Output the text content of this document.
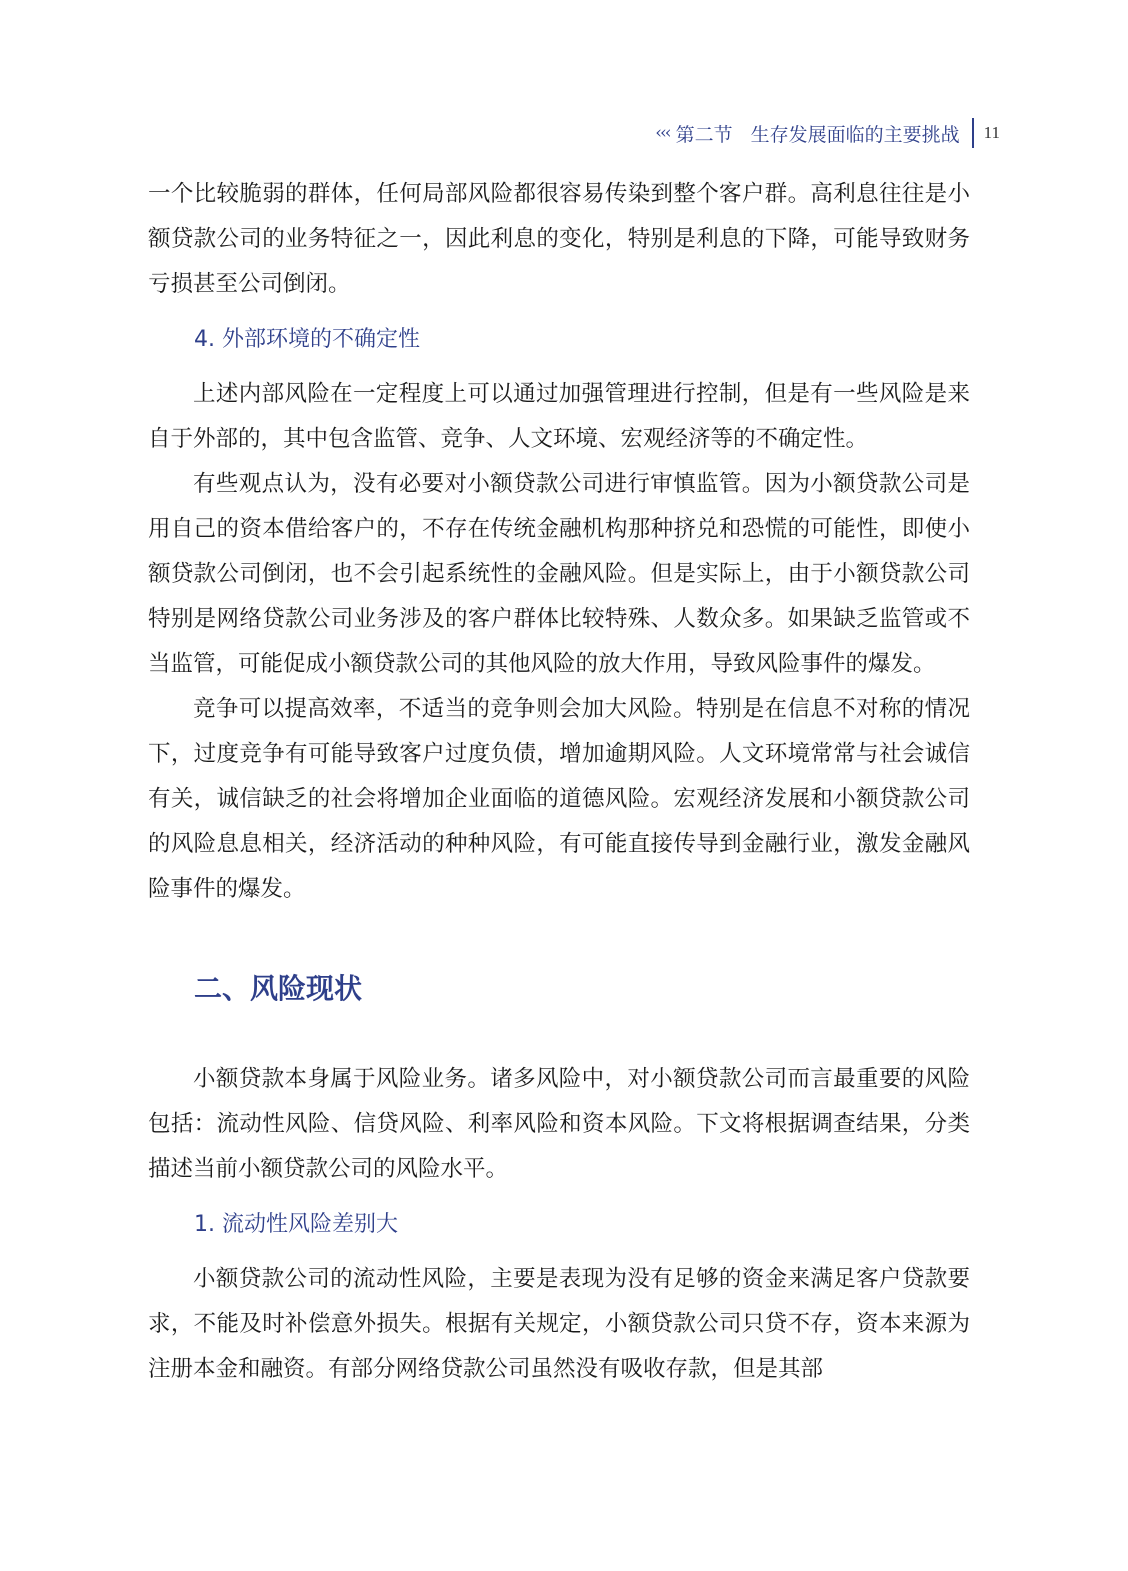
‹‹‹ 第二节 生存发展面临的主要挑战 11

一个比较脆弱的群体，任何局部风险都很容易传染到整个客户群。高利息往往是小额贷款公司的业务特征之一，因此利息的变化，特别是利息的下降，可能导致财务亏损甚至公司倒闭。

4. 外部环境的不确定性

上述内部风险在一定程度上可以通过加强管理进行控制，但是有一些风险是来自于外部的，其中包含监管、竞争、人文环境、宏观经济等的不确定性。

有些观点认为，没有必要对小额贷款公司进行审慎监管。因为小额贷款公司是用自己的资本借给客户的，不存在传统金融机构那种挤兑和恐慌的可能性，即使小额贷款公司倒闭，也不会引起系统性的金融风险。但是实际上，由于小额贷款公司特别是网络贷款公司业务涉及的客户群体比较特殊、人数众多。如果缺乏监管或不当监管，可能促成小额贷款公司的其他风险的放大作用，导致风险事件的爆发。

竞争可以提高效率，不适当的竞争则会加大风险。特别是在信息不对称的情况下，过度竞争有可能导致客户过度负债，增加逾期风险。人文环境常常与社会诚信有关，诚信缺乏的社会将增加企业面临的道德风险。宏观经济发展和小额贷款公司的风险息息相关，经济活动的种种风险，有可能直接传导到金融行业，激发金融风险事件的爆发。

二、风险现状

小额贷款本身属于风险业务。诸多风险中，对小额贷款公司而言最重要的风险包括：流动性风险、信贷风险、利率风险和资本风险。下文将根据调查结果，分类描述当前小额贷款公司的风险水平。

1. 流动性风险差别大

小额贷款公司的流动性风险，主要是表现为没有足够的资金来满足客户贷款要求，不能及时补偿意外损失。根据有关规定，小额贷款公司只贷不存，资本来源为注册本金和融资。有部分网络贷款公司虽然没有吸收存款，但是其部
